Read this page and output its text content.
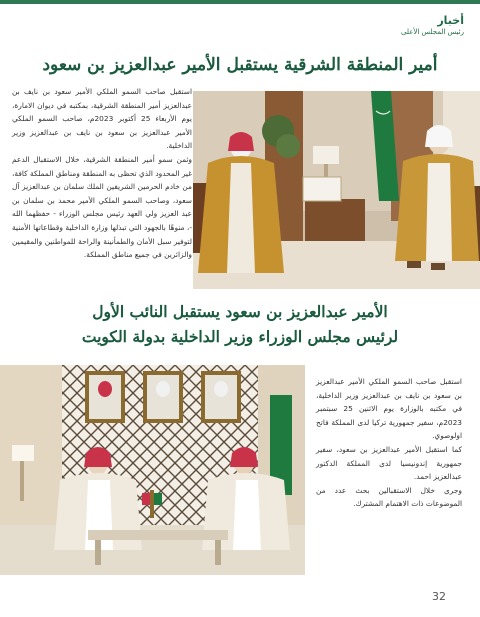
أخبار
رئيس المجلس الأعلى
أمير المنطقة الشرقية يستقبل الأمير عبدالعزيز بن سعود

استقبل صاحب السمو الملكي الأمير سعود بن نايف بن عبدالعزيز أمير المنطقة الشرقية، بمكتبه في ديوان الامارة، يوم الأربعاء 25 أكتوبر 2023م، صاحب السمو الملكي الأمير عبدالعزيز بن سعود بن نايف بن عبدالعزيز وزير الداخلية.

وثمن سمو أمير المنطقة الشرقية، خلال الاستقبال الدعم غير المحدود الذي تحظى به المنطقة ومناطق المملكة كافة، من خادم الحرمين الشريفين الملك سلمان بن عبدالعزيز آل سعود، وصاحب السمو الملكي الأمير محمد بن سلمان بن عبد العزيز ولي العهد رئيس مجلس الوزراء - حفظهما الله -، منوهًا بالجهود التي تبذلها وزارة الداخلية وقطاعاتها الأمنية لتوفير سبل الأمان والطمأنينة والراحة للمواطنين والمقيمين والزائرين في جميع مناطق المملكة.

الأمير عبدالعزيز بن سعود يستقبل النائب الأول
لرئيس مجلس الوزراء وزير الداخلية بدولة الكويت

استقبل صاحب السمو الملكي الأمير عبدالعزيز بن سعود بن نايف بن عبدالعزيز وزير الداخلية، في مكتبه بالوزارة يوم الاثنين 25 سبتمبر 2023م، سفير جمهورية تركيا لدى المملكة فاتح اولوصوي.

كما استقبل الأمير عبدالعزيز بن سعود، سفير جمهورية إندونيسيا لدى المملكة الدكتور عبدالعزيز احمد.

وجرى خلال الاستقبالين بحث عدد من الموضوعات ذات الاهتمام المشترك.

32
